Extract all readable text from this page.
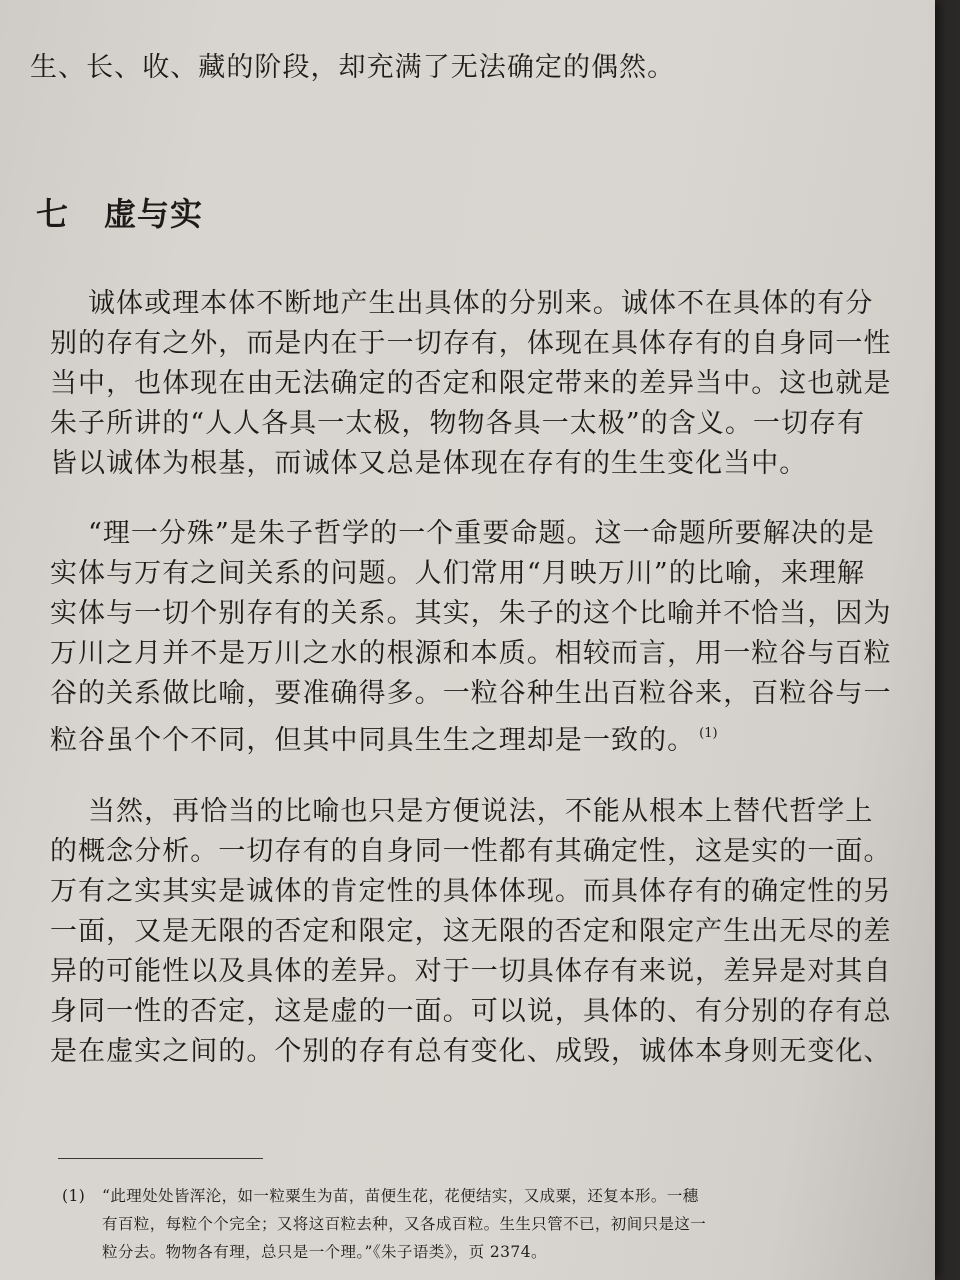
生、长、收、藏的阶段，却充满了无法确定的偶然。
七 虚与实
诚体或理本体不断地产生出具体的分别来。诚体不在具体的有分
别的存有之外，而是内在于一切存有，体现在具体存有的自身同一性
当中，也体现在由无法确定的否定和限定带来的差异当中。这也就是
朱子所讲的“人人各具一太极，物物各具一太极”的含义。一切存有
皆以诚体为根基，而诚体又总是体现在存有的生生变化当中。
“理一分殊”是朱子哲学的一个重要命题。这一命题所要解决的是
实体与万有之间关系的问题。人们常用“月映万川”的比喻，来理解
实体与一切个别存有的关系。其实，朱子的这个比喻并不恰当，因为
万川之月并不是万川之水的根源和本质。相较而言，用一粒谷与百粒
谷的关系做比喻，要准确得多。一粒谷种生出百粒谷来，百粒谷与一
粒谷虽个个不同，但其中同具生生之理却是一致的。 $^{(1)}$
当然，再恰当的比喻也只是方便说法，不能从根本上替代哲学上
的概念分析。一切存有的自身同一性都有其确定性，这是实的一面。
万有之实其实是诚体的肯定性的具体体现。而具体存有的确定性的另
一面，又是无限的否定和限定，这无限的否定和限定产生出无尽的差
异的可能性以及具体的差异。对于一切具体存有来说，差异是对其自
身同一性的否定，这是虚的一面。可以说，具体的、有分别的存有总
是在虚实之间的。个别的存有总有变化、成毁，诚体本身则无变化、
(1) “此理处处皆浑沦，如一粒粟生为苗，苗便生花，花便结实，又成粟，还复本形。一穗
有百粒，每粒个个完全；又将这百粒去种，又各成百粒。生生只管不已，初间只是这一
粒分去。物物各有理，总只是一个理。”《朱子语类》，页 2374。
